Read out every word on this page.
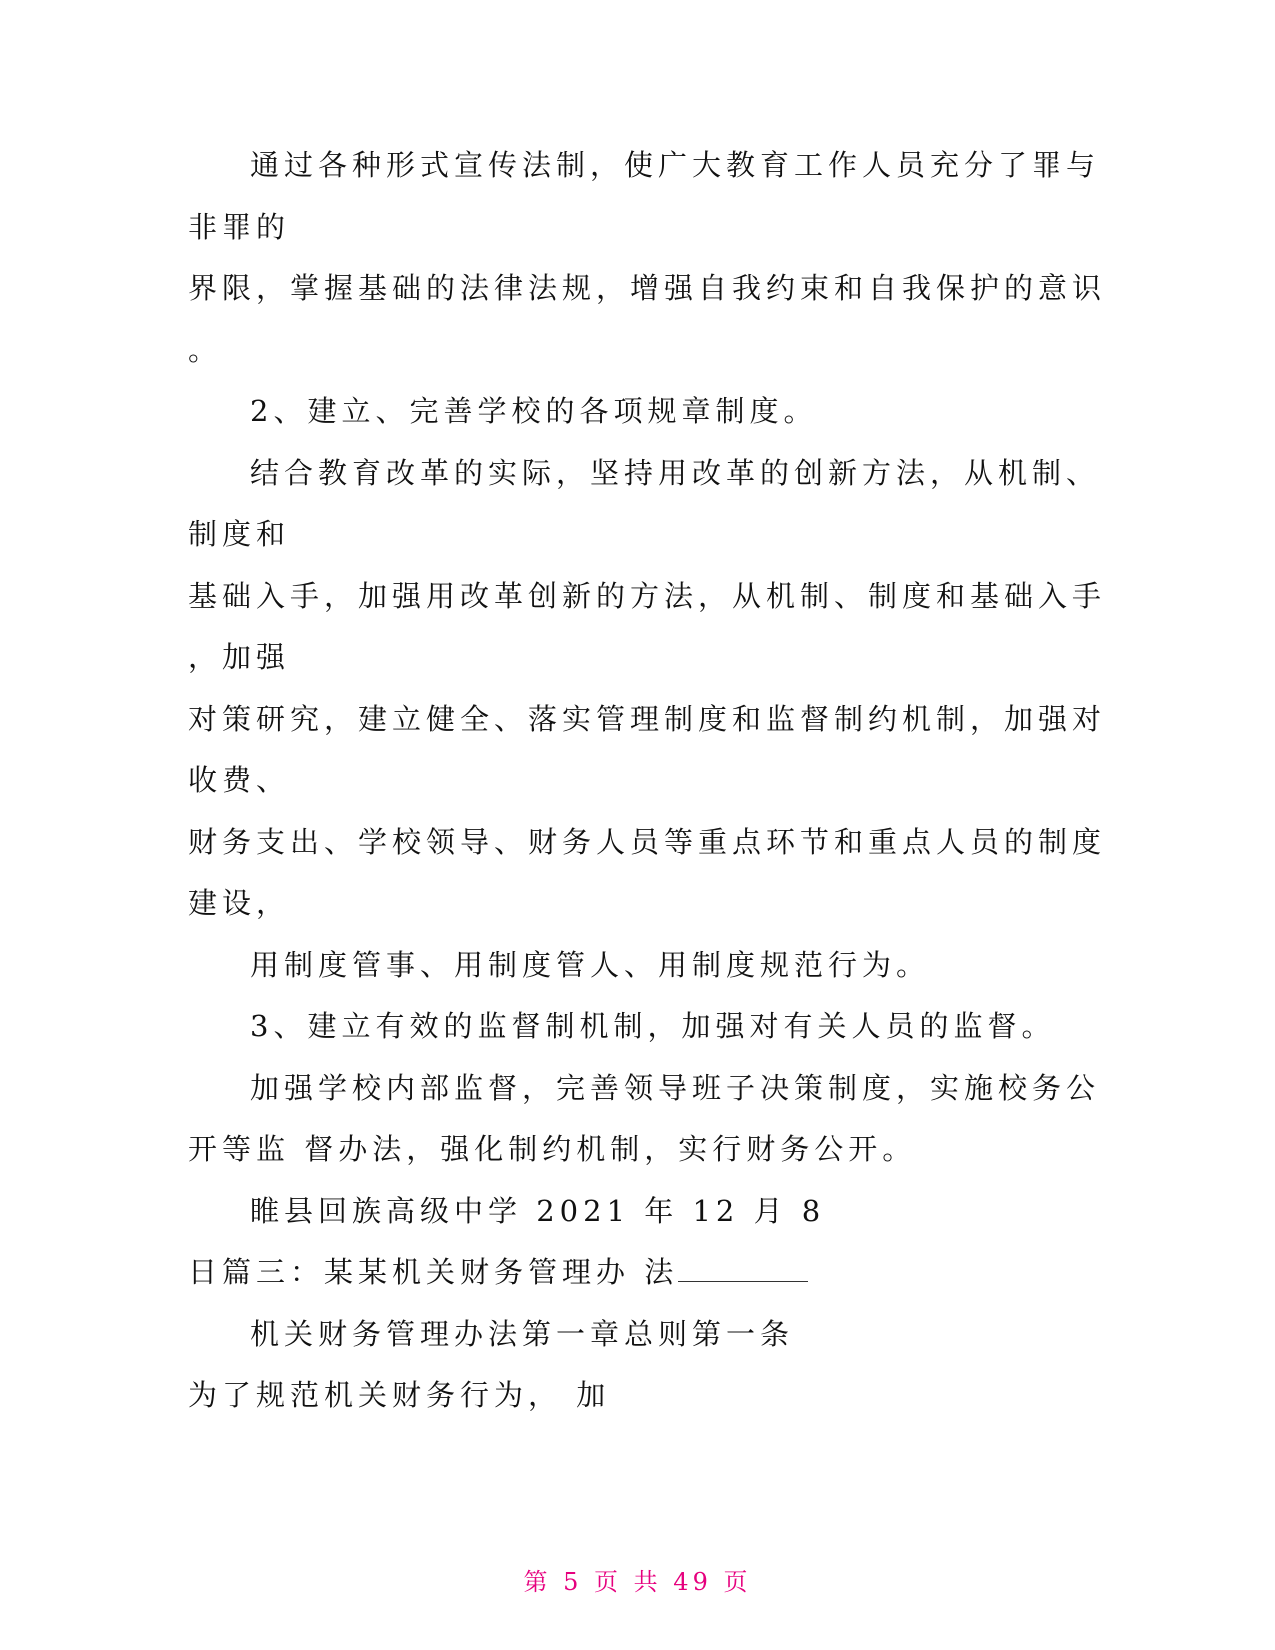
通过各种形式宣传法制，使广大教育工作人员充分了罪与
非罪的
界限，掌握基础的法律法规，增强自我约束和自我保护的意识
。
2、建立、完善学校的各项规章制度。
结合教育改革的实际，坚持用改革的创新方法，从机制、
制度和
基础入手，加强用改革创新的方法，从机制、制度和基础入手
，加强
对策研究，建立健全、落实管理制度和监督制约机制，加强对
收费、
财务支出、学校领导、财务人员等重点环节和重点人员的制度
建设，
用制度管事、用制度管人、用制度规范行为。
3、建立有效的监督制机制，加强对有关人员的监督。
加强学校内部监督，完善领导班子决策制度，实施校务公
开等监 督办法，强化制约机制，实行财务公开。
睢县回族高级中学 2021 年 12 月 8
日篇三：某某机关财务管理办 法
机关财务管理办法第一章总则第一条
为了规范机关财务行为， 加
第 5 页 共 49 页
